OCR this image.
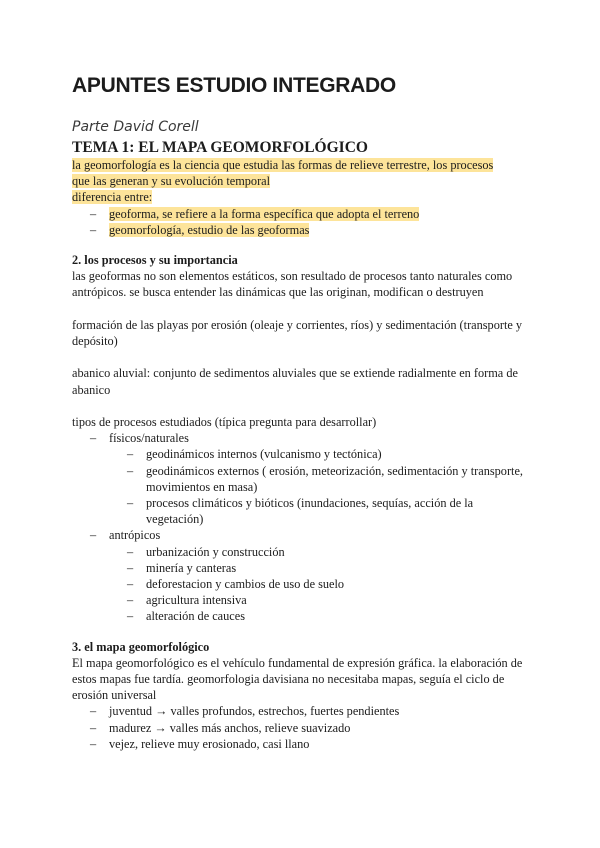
APUNTES ESTUDIO INTEGRADO
Parte David Corell
TEMA 1: EL MAPA GEOMORFOLÓGICO
la geomorfología es la ciencia que estudia las formas de relieve terrestre, los procesos
que las generan y su evolución temporal
diferencia entre:
– geoforma, se refiere a la forma específica que adopta el terreno
– geomorfología, estudio de las geoformas
2. los procesos y su importancia

las geoformas no son elementos estáticos, son resultado de procesos tanto naturales como antrópicos. se busca entender las dinámicas que las originan, modifican o destruyen

formación de las playas por erosión (oleaje y corrientes, ríos) y sedimentación (transporte y depósito)

abanico aluvial: conjunto de sedimentos aluviales que se extiende radialmente en forma de abanico

tipos de procesos estudiados (típica pregunta para desarrollar)

– físicos/naturales
– geodinámicos internos (vulcanismo y tectónica)
– geodinámicos externos ( erosión, meteorización, sedimentación y transporte, movimientos en masa)
– procesos climáticos y bióticos (inundaciones, sequías, acción de la vegetación)
– antrópicos
– urbanización y construcción
– minería y canteras
– deforestacion y cambios de uso de suelo
– agricultura intensiva
– alteración de cauces
3. el mapa geomorfológico

El mapa geomorfológico es el vehículo fundamental de expresión gráfica. la elaboración de estos mapas fue tardía. geomorfologia davisiana no necesitaba mapas, seguía el ciclo de erosión universal

– juventud → valles profundos, estrechos, fuertes pendientes
– madurez → valles más anchos, relieve suavizado
– vejez, relieve muy erosionado, casi llano
